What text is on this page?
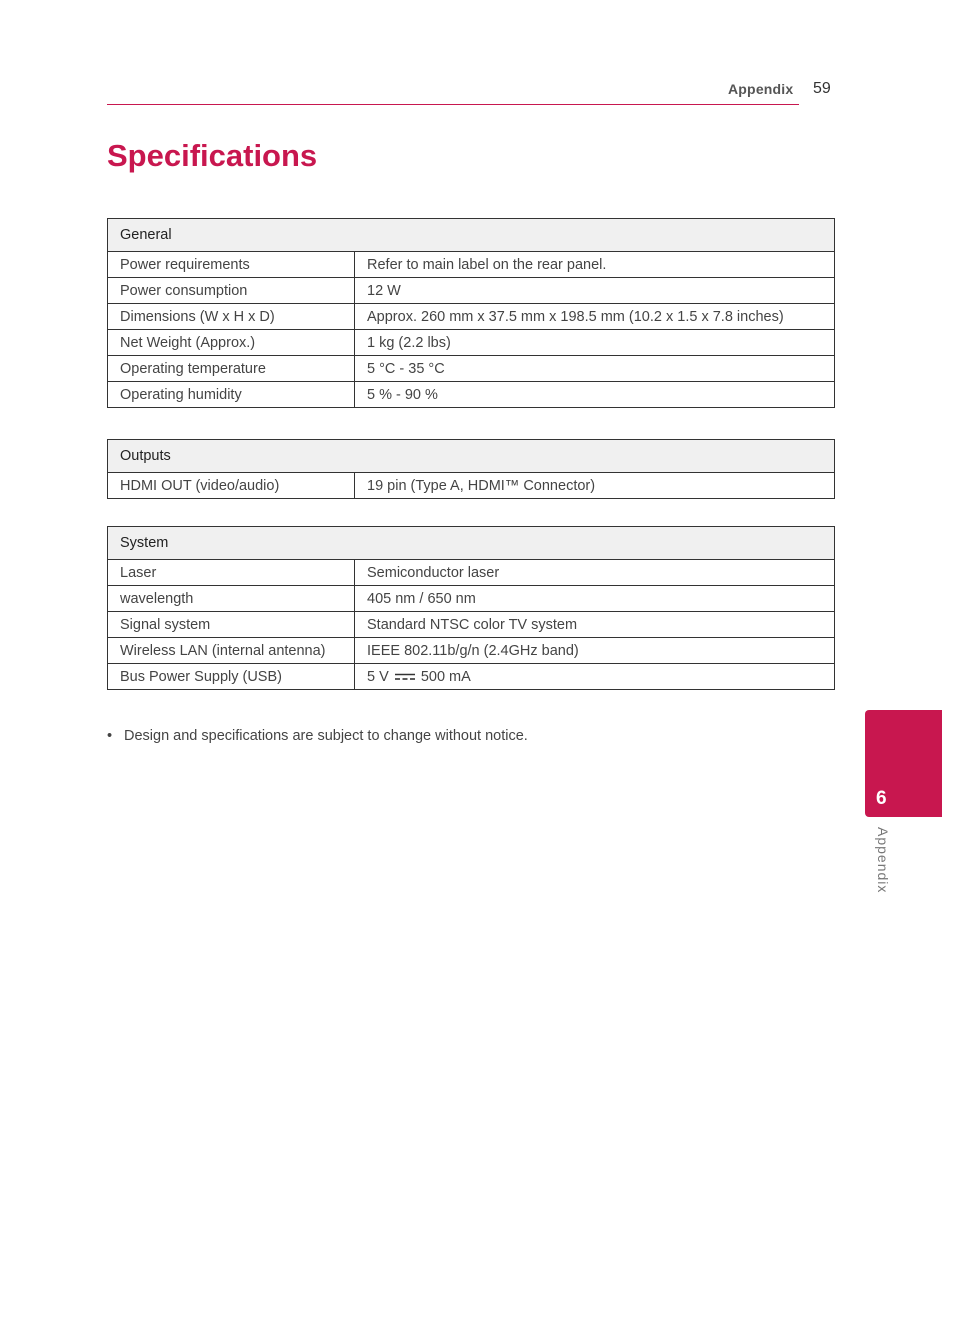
Appendix 59
Specifications
General	
Power requirements	Refer to main label on the rear panel.
Power consumption	12 W
Dimensions (W x H x D)	Approx. 260 mm x 37.5 mm x 198.5 mm (10.2 x 1.5 x 7.8 inches)
Net Weight (Approx.)	1 kg (2.2 lbs)
Operating temperature	5 °C - 35 °C
Operating humidity	5 % - 90 %
Outputs
HDMI OUT (video/audio)	19 pin (Type A, HDMI™ Connector)
System	
Laser	Semiconductor laser
wavelength	405 nm / 650 nm
Signal system	Standard NTSC color TV system
Wireless LAN (internal antenna)	IEEE 802.11b/g/n (2.4GHz band)
Bus Power Supply (USB)	5 V 500 mA
• Design and specifications are subject to change without notice.
6
Appendix
